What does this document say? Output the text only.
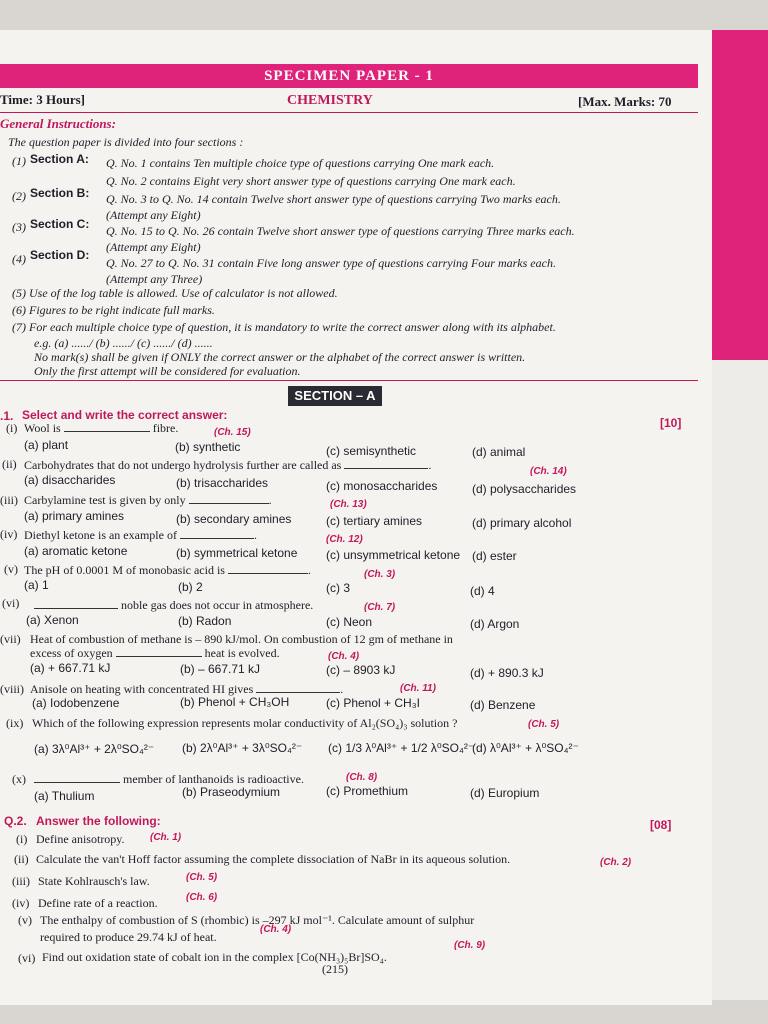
SPECIMEN PAPER - 1
Time: 3 Hours]	CHEMISTRY	[Max. Marks: 70
General Instructions:
The question paper is divided into four sections :
(1) Section A: Q. No. 1 contains Ten multiple choice type of questions carrying One mark each.
Q. No. 2 contains Eight very short answer type of questions carrying One mark each.
(2) Section B: Q. No. 3 to Q. No. 14 contain Twelve short answer type of questions carrying Two marks each.
(Attempt any Eight)
(3) Section C: Q. No. 15 to Q. No. 26 contain Twelve short answer type of questions carrying Three marks each.
(Attempt any Eight)
(4) Section D:
Q. No. 27 to Q. No. 31 contain Five long answer type of questions carrying Four marks each.
(Attempt any Three)
(5) Use of the log table is allowed. Use of calculator is not allowed.
(6) Figures to be right indicate full marks.
(7) For each multiple choice type of question, it is mandatory to write the correct answer along with its alphabet.
e.g. (a) ....../ (b) ....../ (c) ....../ (d) ......
No mark(s) shall be given if ONLY the correct answer or the alphabet of the correct answer is written.
Only the first attempt will be considered for evaluation.
SECTION – A
.1. Select and write the correct answer:
[10]
(i) Wool is	fibre.	(Ch. 15)
(a) plant	(b) synthetic	(c) semisynthetic	(d) animal
(ii) Carbohydrates that do not undergo hydrolysis further are called as	.	(Ch. 14)
(a) disaccharides	(b) trisaccharides	(c) monosaccharides	(d) polysaccharides
(iii) Carbylamine test is given by only	.	(Ch. 13)
(a) primary amines	(b) secondary amines	(c) tertiary amines	(d) primary alcohol
(iv) Diethyl ketone is an example of	.	(Ch. 12)
(a) aromatic ketone	(b) symmetrical ketone (c) unsymmetrical ketone (d) ester
(v) The pH of 0.0001 M of monobasic acid is	.	(Ch. 3)
(a) 1	(b) 2	(c) 3	(d) 4
(vi)	noble gas does not occur in atmosphere.	(Ch. 7)
(a) Xenon	(b) Radon	(c) Neon	(d) Argon
(vii) Heat of combustion of methane is – 890 kJ/mol. On combustion of 12 gm of methane in
excess of oxygen	heat is evolved.	(Ch. 4)
(a) + 667.71 kJ	(b) – 667.71 kJ	(c) – 8903 kJ	(d) + 890.3 kJ
(viii) Anisole on heating with concentrated HI gives	.	(Ch. 11)
(a) Iodobenzene	(b) Phenol + CH₃OH	(c) Phenol + CH₃I	(d) Benzene
(ix) Which of the following expression represents molar conductivity of Al₂(SO₄)₃ solution ?	(Ch. 5)
(a) 3λ⁰Al³⁺ + 2λ⁰SO₄²⁻ (b) 2λ⁰Al³⁺ + 3λ⁰SO₄²⁻ (c) 1/3 λ⁰Al³⁺ + 1/2 λ⁰SO₄²⁻
(d) λ⁰Al³⁺ + λ⁰SO₄²⁻
(x)	member of lanthanoids is radioactive.	(Ch. 8)
(a) Thulium	(b) Praseodymium	(c) Promethium	(d) Europium
Q.2. Answer the following:	[08]
(i) Define anisotropy.	(Ch. 1)
(ii) Calculate the van't Hoff factor assuming the complete dissociation of NaBr in its aqueous solution.	(Ch. 2)
(iii) State Kohlrausch's law.	(Ch. 5)
(iv) Define rate of a reaction.	(Ch. 6)
(v) The enthalpy of combustion of S (rhombic) is –297 kJ mol⁻¹. Calculate amount of sulphur
required to produce 29.74 kJ of heat.
(Ch. 4)
(vi) Find out oxidation state of cobalt ion in the complex [Co(NH₃)₅Br]SO₄.
(Ch. 9)
(215)
